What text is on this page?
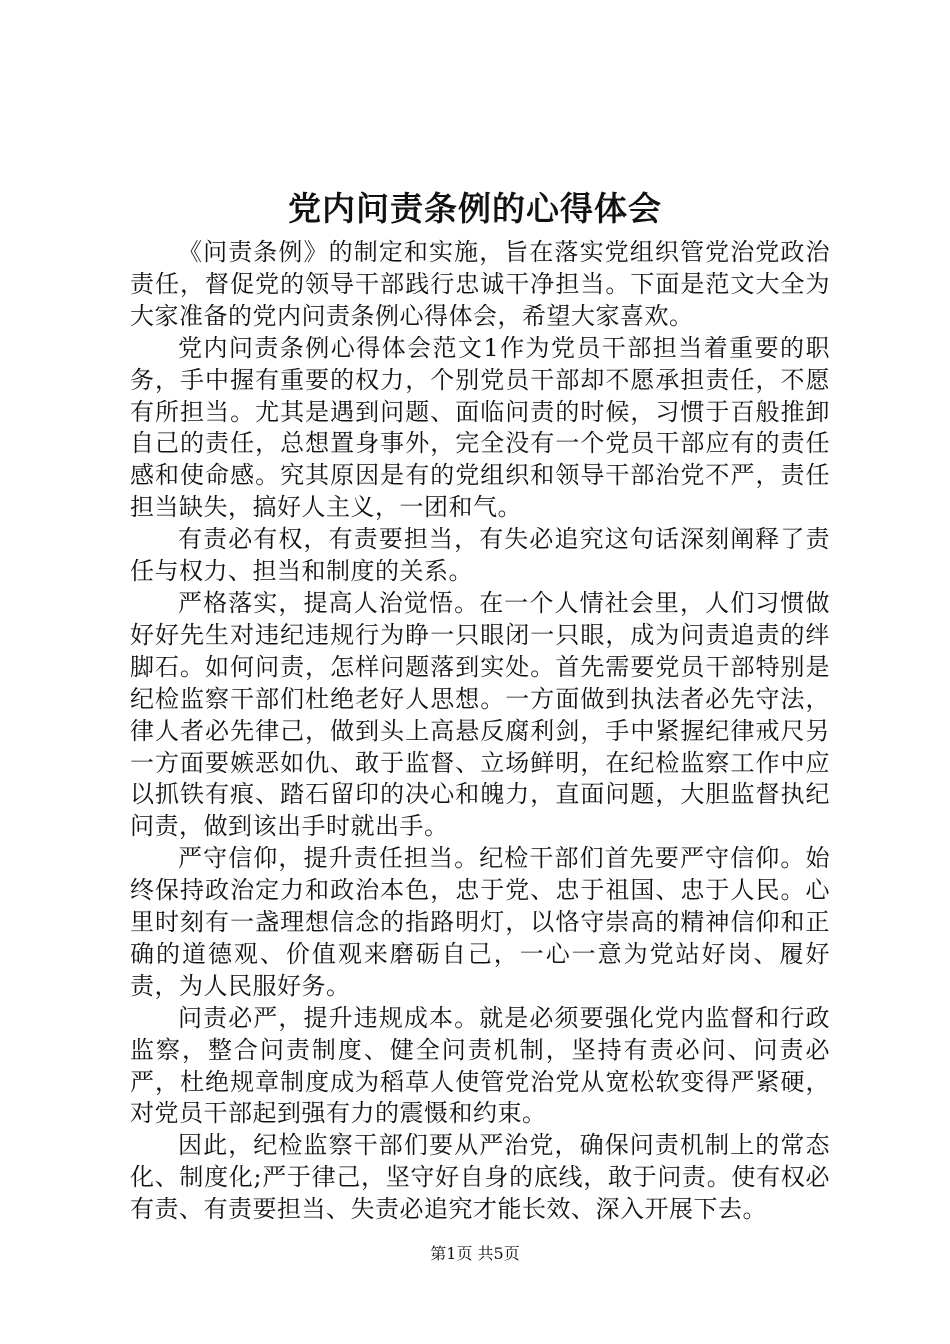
党内问责条例的心得体会

《问责条例》的制定和实施，旨在落实党组织管党治党政治责任，督促党的领导干部践行忠诚干净担当。下面是范文大全为大家准备的党内问责条例心得体会，希望大家喜欢。

党内问责条例心得体会范文1作为党员干部担当着重要的职务，手中握有重要的权力，个别党员干部却不愿承担责任，不愿有所担当。尤其是遇到问题、面临问责的时候，习惯于百般推卸自己的责任，总想置身事外，完全没有一个党员干部应有的责任感和使命感。究其原因是有的党组织和领导干部治党不严，责任担当缺失，搞好人主义，一团和气。

有责必有权，有责要担当，有失必追究这句话深刻阐释了责任与权力、担当和制度的关系。

严格落实，提高人治觉悟。在一个人情社会里，人们习惯做好好先生对违纪违规行为睁一只眼闭一只眼，成为问责追责的绊脚石。如何问责，怎样问题落到实处。首先需要党员干部特别是纪检监察干部们杜绝老好人思想。一方面做到执法者必先守法，律人者必先律己，做到头上高悬反腐利剑，手中紧握纪律戒尺另一方面要嫉恶如仇、敢于监督、立场鲜明，在纪检监察工作中应以抓铁有痕、踏石留印的决心和魄力，直面问题，大胆监督执纪问责，做到该出手时就出手。

严守信仰，提升责任担当。纪检干部们首先要严守信仰。始终保持政治定力和政治本色，忠于党、忠于祖国、忠于人民。心里时刻有一盏理想信念的指路明灯，以恪守崇高的精神信仰和正确的道德观、价值观来磨砺自己，一心一意为党站好岗、履好责，为人民服好务。

问责必严，提升违规成本。就是必须要强化党内监督和行政监察，整合问责制度、健全问责机制，坚持有责必问、问责必严，杜绝规章制度成为稻草人使管党治党从宽松软变得严紧硬，对党员干部起到强有力的震慑和约束。

因此，纪检监察干部们要从严治党，确保问责机制上的常态化、制度化;严于律己，坚守好自身的底线，敢于问责。使有权必有责、有责要担当、失责必追究才能长效、深入开展下去。

第1页 共5页
